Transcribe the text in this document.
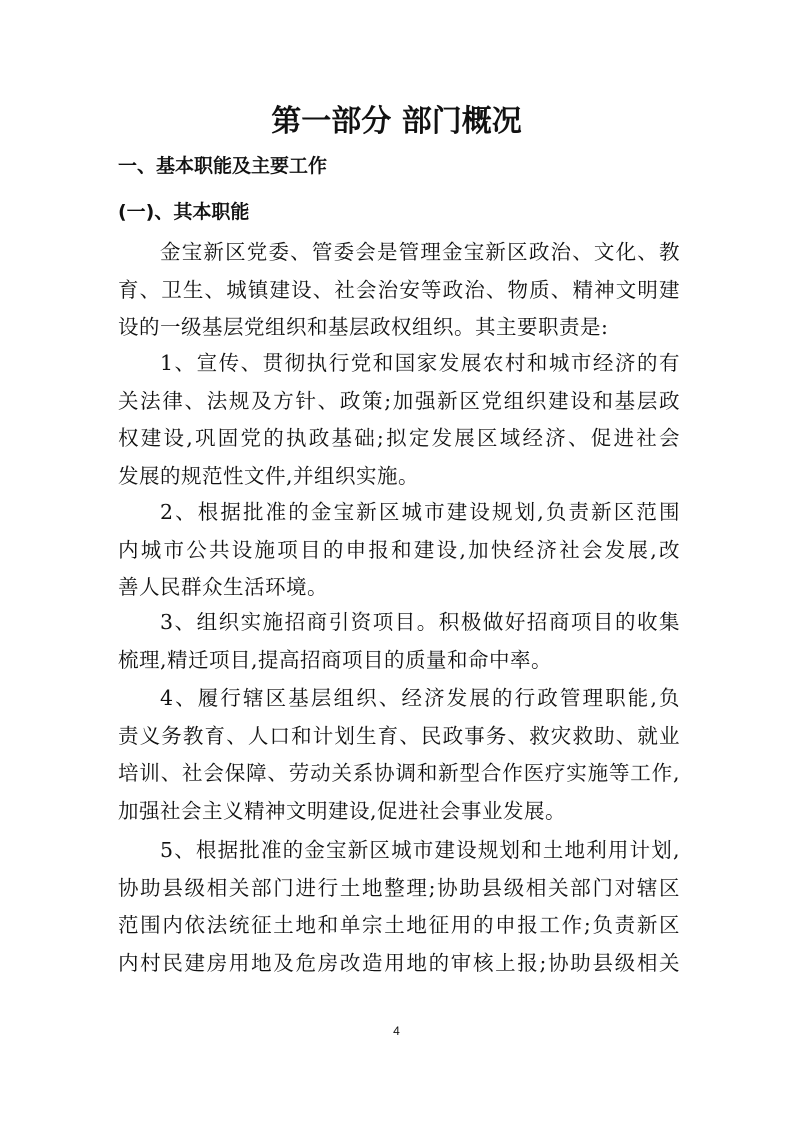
第一部分 部门概况
一、基本职能及主要工作
(一)、其本职能

金宝新区党委、管委会是管理金宝新区政治、文化、教
育、卫生、城镇建设、社会治安等政治、物质、精神文明建
设的一级基层党组织和基层政权组织。其主要职责是:

1、宣传、贯彻执行党和国家发展农村和城市经济的有
关法律、法规及方针、政策;加强新区党组织建设和基层政
权建设,巩固党的执政基础;拟定发展区域经济、促进社会
发展的规范性文件,并组织实施。

2、根据批准的金宝新区城市建设规划,负责新区范围
内城市公共设施项目的申报和建设,加快经济社会发展,改
善人民群众生活环境。

3、组织实施招商引资项目。积极做好招商项目的收集
梳理,精迁项目,提高招商项目的质量和命中率。

4、履行辖区基层组织、经济发展的行政管理职能,负
责义务教育、人口和计划生育、民政事务、救灾救助、就业
培训、社会保障、劳动关系协调和新型合作医疗实施等工作,
加强社会主义精神文明建设,促进社会事业发展。

5、根据批准的金宝新区城市建设规划和土地利用计划,
协助县级相关部门进行土地整理;协助县级相关部门对辖区
范围内依法统征土地和单宗土地征用的申报工作;负责新区
内村民建房用地及危房改造用地的审核上报;协助县级相关

4
